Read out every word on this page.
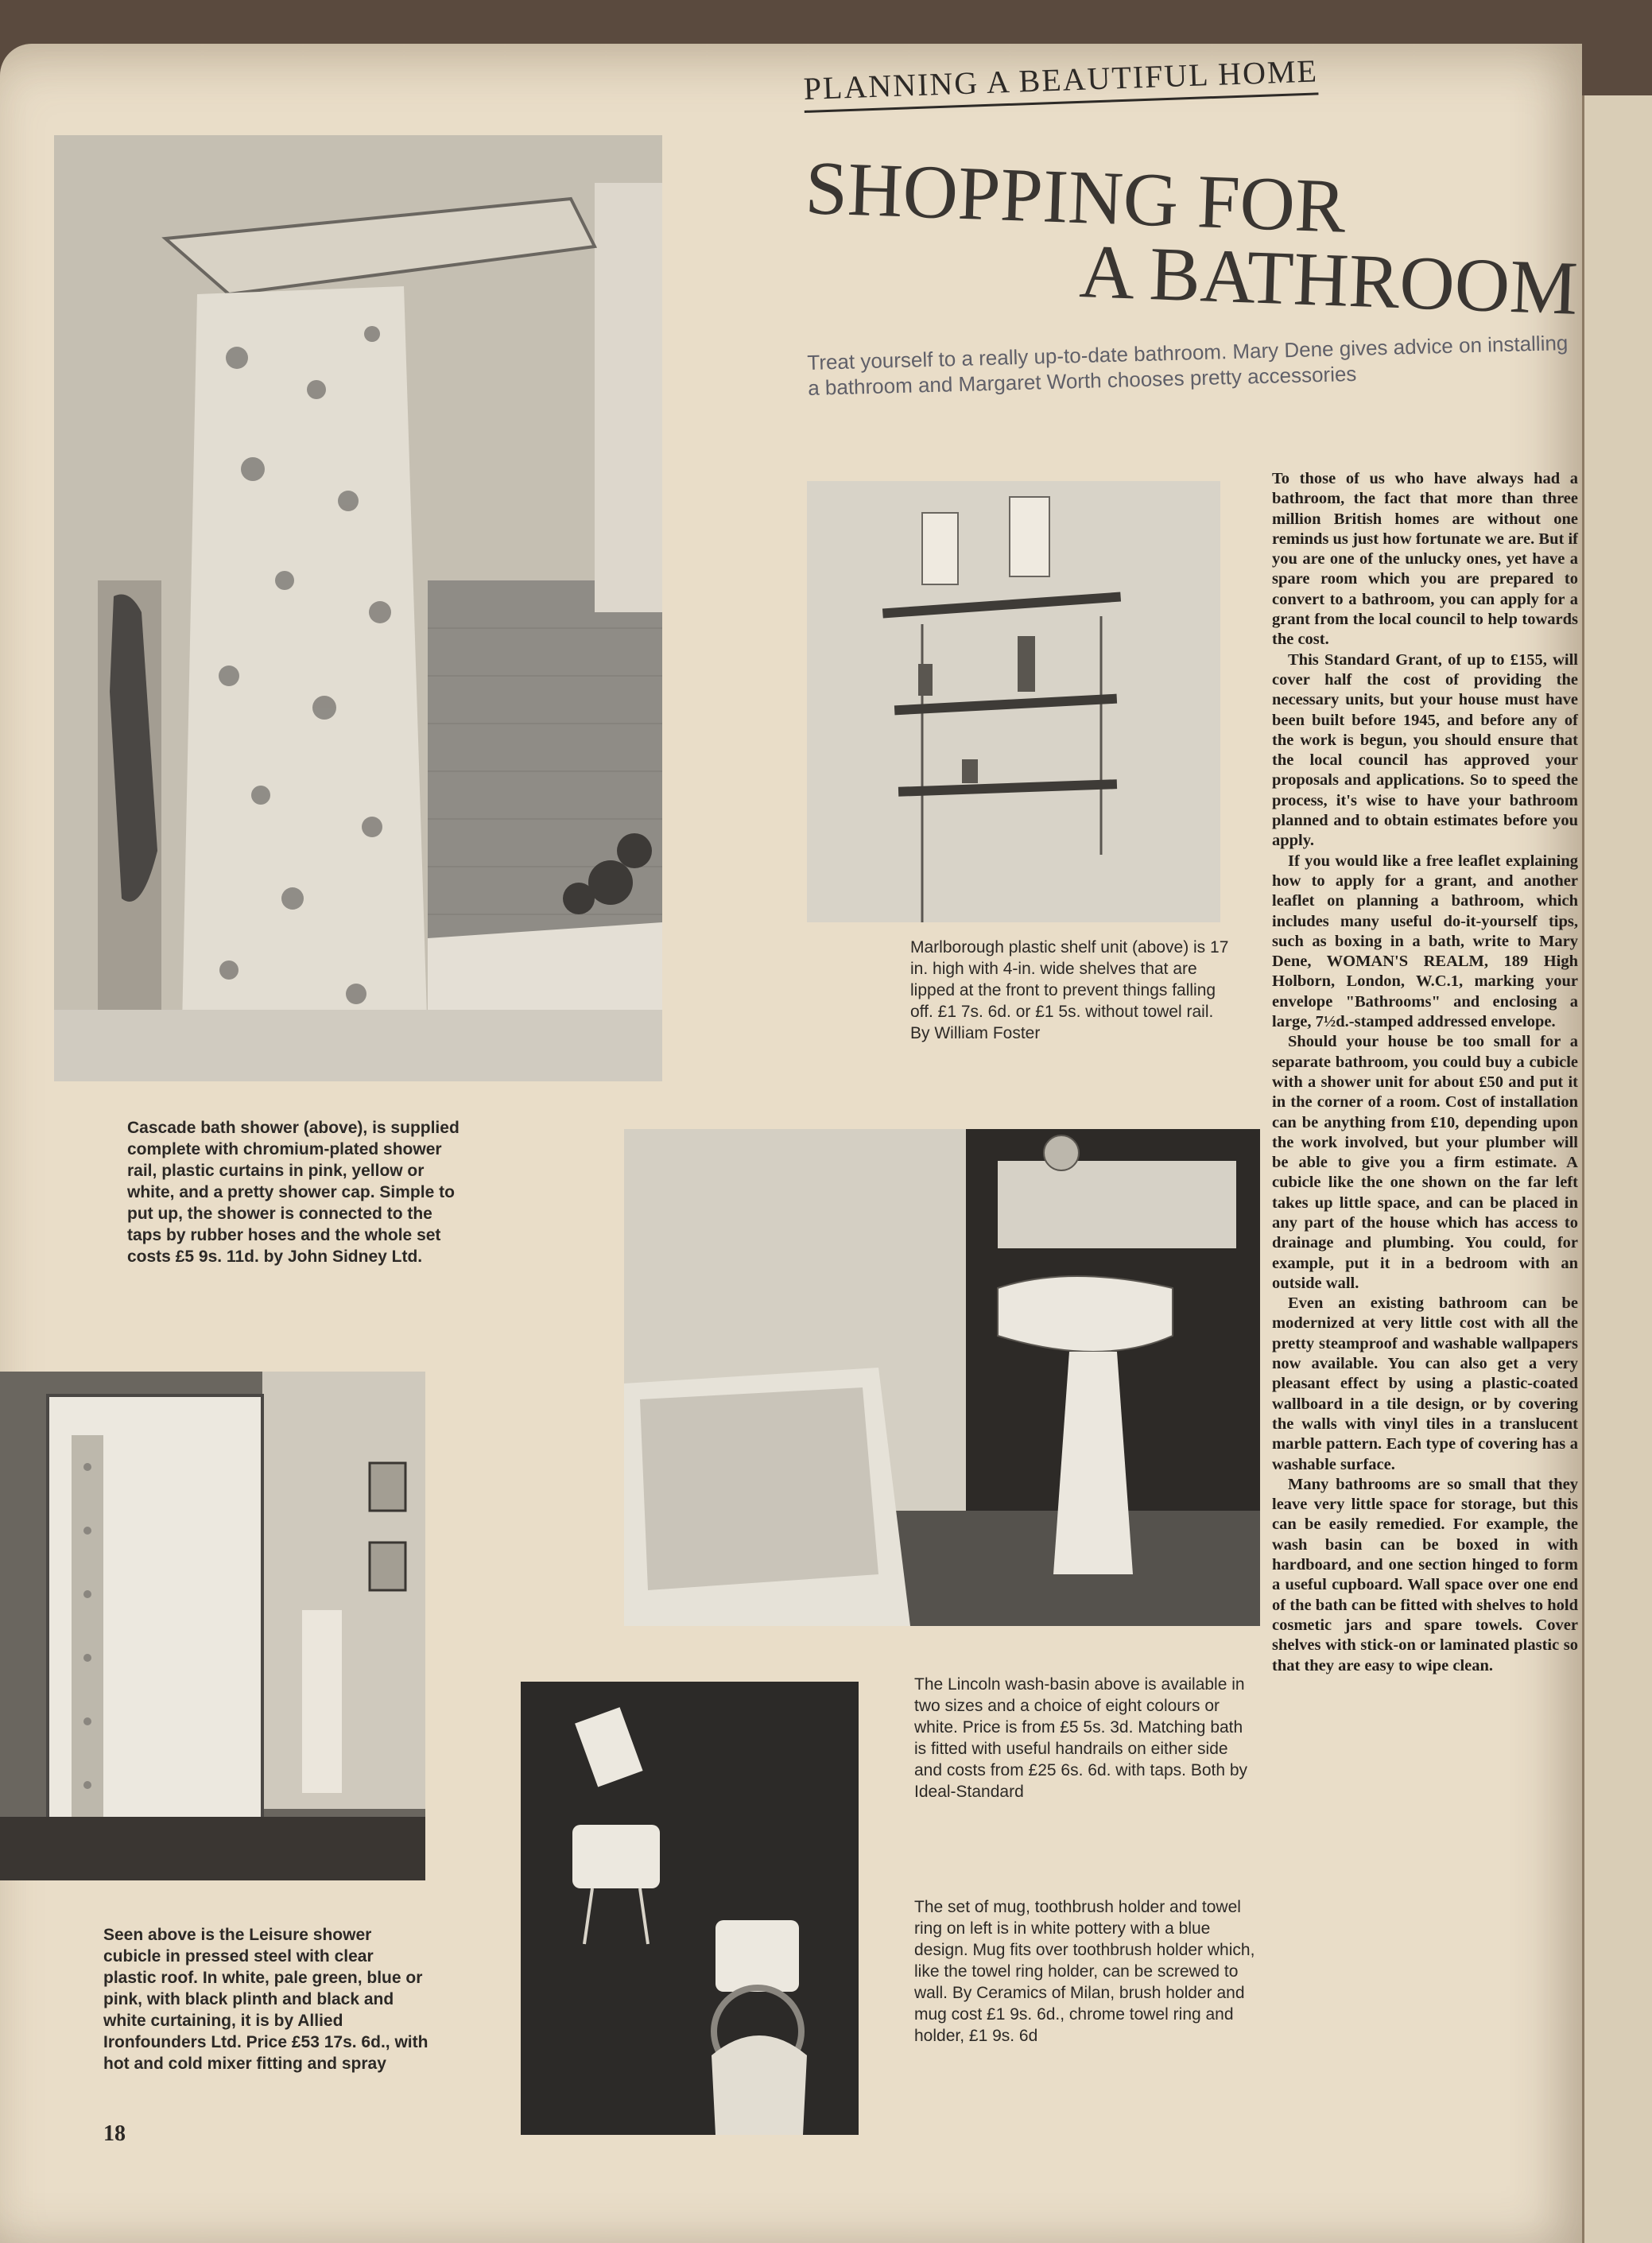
PLANNING A BEAUTIFUL HOME
SHOPPING FOR
A BATHROOM
Treat yourself to a really up-to-date bathroom. Mary Dene gives advice on installing a bathroom and Margaret Worth chooses pretty accessories
Cascade bath shower (above), is supplied complete with chromium-plated shower rail, plastic curtains in pink, yellow or white, and a pretty shower cap. Simple to put up, the shower is connected to the taps by rubber hoses and the whole set costs £5 9s. 11d. by John Sidney Ltd.
Marlborough plastic shelf unit (above) is 17 in. high with 4-in. wide shelves that are lipped at the front to prevent things falling off. £1 7s. 6d. or £1 5s. without towel rail. By William Foster
The Lincoln wash-basin above is available in two sizes and a choice of eight colours or white. Price is from £5 5s. 3d. Matching bath is fitted with useful handrails on either side and costs from £25 6s. 6d. with taps. Both by Ideal-Standard
Seen above is the Leisure shower cubicle in pressed steel with clear plastic roof. In white, pale green, blue or pink, with black plinth and black and white curtaining, it is by Allied Ironfounders Ltd. Price £53 17s. 6d., with hot and cold mixer fitting and spray
The set of mug, toothbrush holder and towel ring on left is in white pottery with a blue design. Mug fits over toothbrush holder which, like the towel ring holder, can be screwed to wall. By Ceramics of Milan, brush holder and mug cost £1 9s. 6d., chrome towel ring and holder, £1 9s. 6d

To those of us who have always had a bathroom, the fact that more than three million British homes are without one reminds us just how fortunate we are. But if you are one of the unlucky ones, yet have a spare room which you are prepared to convert to a bathroom, you can apply for a grant from the local council to help towards the cost.

This Standard Grant, of up to £155, will cover half the cost of providing the necessary units, but your house must have been built before 1945, and before any of the work is begun, you should ensure that the local council has approved your proposals and applications. So to speed the process, it's wise to have your bathroom planned and to obtain estimates before you apply.

If you would like a free leaflet explaining how to apply for a grant, and another leaflet on planning a bathroom, which includes many useful do-it-yourself tips, such as boxing in a bath, write to Mary Dene, WOMAN'S REALM, 189 High Holborn, London, W.C.1, marking your envelope "Bathrooms" and enclosing a large, 7½d.-stamped addressed envelope.

Should your house be too small for a separate bathroom, you could buy a cubicle with a shower unit for about £50 and put it in the corner of a room. Cost of installation can be anything from £10, depending upon the work involved, but your plumber will be able to give you a firm estimate. A cubicle like the one shown on the far left takes up little space, and can be placed in any part of the house which has access to drainage and plumbing. You could, for example, put it in a bedroom with an outside wall.

Even an existing bathroom can be modernized at very little cost with all the pretty steamproof and washable wallpapers now available. You can also get a very pleasant effect by using a plastic-coated wallboard in a tile design, or by covering the walls with vinyl tiles in a translucent marble pattern. Each type of covering has a washable surface.

Many bathrooms are so small that they leave very little space for storage, but this can be easily remedied. For example, the wash basin can be boxed in with hardboard, and one section hinged to form a useful cupboard. Wall space over one end of the bath can be fitted with shelves to hold cosmetic jars and spare towels. Cover shelves with stick-on or laminated plastic so that they are easy to wipe clean.

18
